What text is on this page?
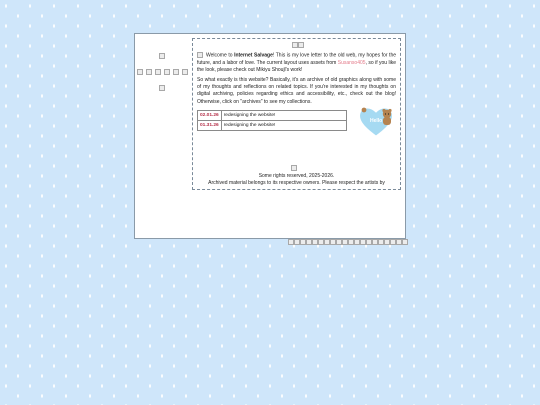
Welcome to Internet Salvage! This is my love letter to the old web, my hopes for the future, and a labor of love. The current layout uses assets from Susanso405, so if you like the look, please check out Mikiyu Shoujl's work!

So what exactly is this website? Basically, it's an archive of old graphics along with some of my thoughts and reflections on related topics. If you're interested in my thoughts on digital archiving, policies regarding ethics and accessibility, etc., check out the blog! Otherwise, click on "archives" to see my collections.

02.01.26	redesigning the website!
01.31.26	redesigning the website!
Hello
Some rights reserved, 2025-2026.
Archived material belongs to its respective owners. Please respect the artists by
